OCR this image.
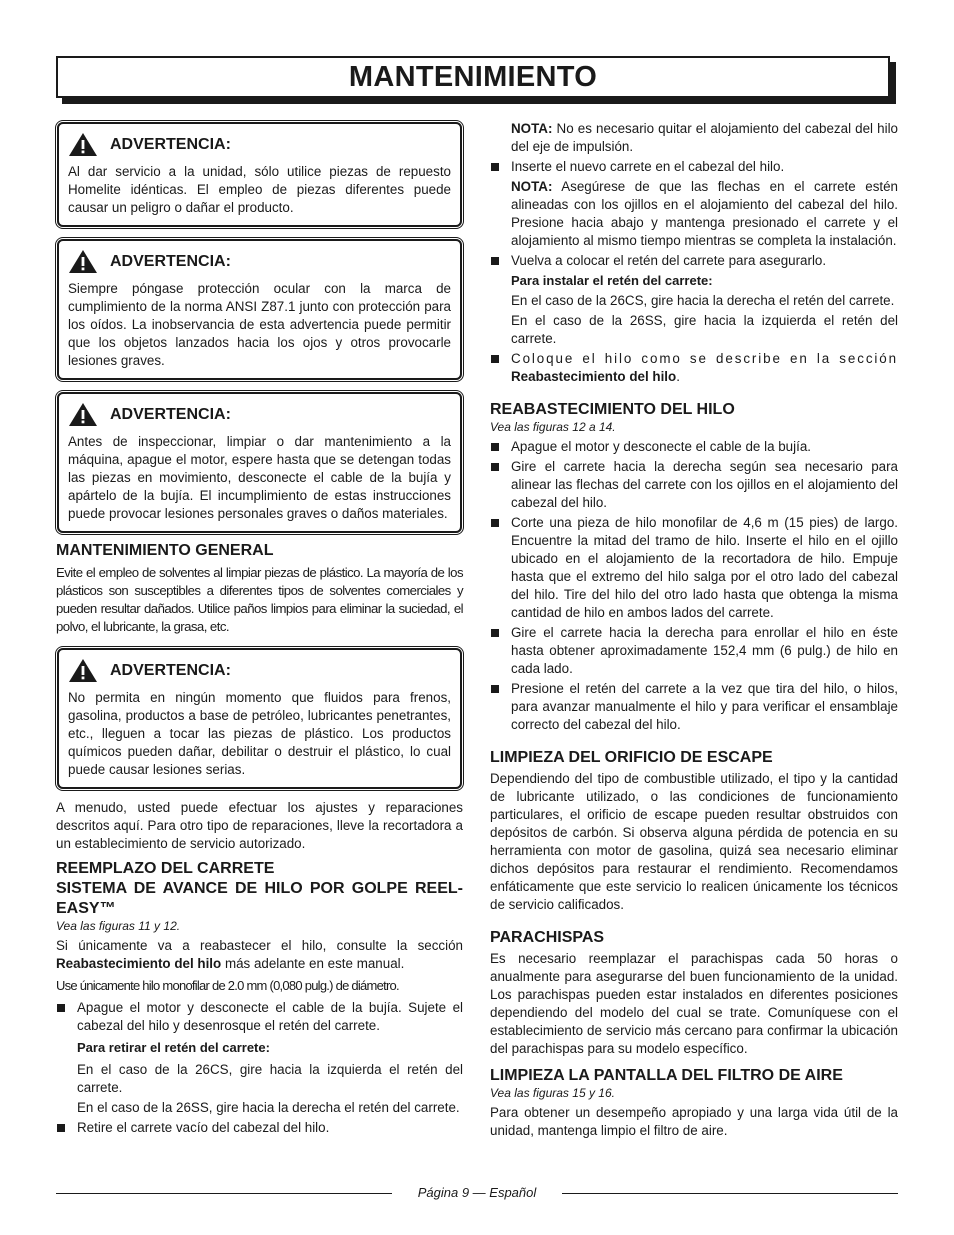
MANTENIMIENTO
ADVERTENCIA:

Al dar servicio a la unidad, sólo utilice piezas de repuesto Homelite idénticas. El empleo de piezas diferentes puede causar un peligro o dañar el producto.

ADVERTENCIA:

Siempre póngase protección ocular con la marca de cumplimiento de la norma ANSI Z87.1 junto con protección para los oídos. La inobservancia de esta advertencia puede permitir que los objetos lanzados hacia los ojos y otros provocarle lesiones graves.

ADVERTENCIA:

Antes de inspeccionar, limpiar o dar mantenimiento a la máquina, apague el motor, espere hasta que se detengan todas las piezas en movimiento, desconecte el cable de la bujía y apártelo de la bujía. El incumplimiento de estas instrucciones puede provocar lesiones personales graves o daños materiales.

MANTENIMIENTO GENERAL

Evite el empleo de solventes al limpiar piezas de plástico. La mayoría de los plásticos son susceptibles a diferentes tipos de solventes comerciales y pueden resultar dañados. Utilice paños limpios para eliminar la suciedad, el polvo, el lubricante, la grasa, etc.

ADVERTENCIA:

No permita en ningún momento que fluidos para frenos, gasolina, productos a base de petróleo, lubricantes penetrantes, etc., lleguen a tocar las piezas de plástico. Los productos químicos pueden dañar, debilitar o destruir el plástico, lo cual puede causar lesiones serias.

A menudo, usted puede efectuar los ajustes y reparaciones descritos aquí. Para otro tipo de reparaciones, lleve la recortadora a un establecimiento de servicio autorizado.

REEMPLAZO DEL CARRETE
SISTEMA DE AVANCE DE HILO POR GOLPE REEL-EASY™
Vea las figuras 11 y 12.

Si únicamente va a reabastecer el hilo, consulte la sección Reabastecimiento del hilo más adelante en este manual.

Use únicamente hilo monofilar de 2.0 mm (0,080 pulg.) de diámetro.

Apague el motor y desconecte el cable de la bujía. Sujete el cabezal del hilo y desenrosque el retén del carrete.

Para retirar el retén del carrete:

En el caso de la 26CS, gire hacia la izquierda el retén del carrete.

En el caso de la 26SS, gire hacia la derecha el retén del carrete.

Retire el carrete vacío del cabezal del hilo.

NOTA: No es necesario quitar el alojamiento del cabezal del hilo del eje de impulsión.

Inserte el nuevo carrete en el cabezal del hilo.

NOTA: Asegúrese de que las flechas en el carrete estén alineadas con los ojillos en el alojamiento del cabezal del hilo. Presione hacia abajo y mantenga presionado el carrete y el alojamiento al mismo tiempo mientras se completa la instalación.

Vuelva a colocar el retén del carrete para asegurarlo.

Para instalar el retén del carrete:

En el caso de la 26CS, gire hacia la derecha el retén del carrete.

En el caso de la 26SS, gire hacia la izquierda el retén del carrete.

Coloque el hilo como se describe en la sección Reabastecimiento del hilo.

REABASTECIMIENTO DEL HILO
Vea las figuras 12 a 14.

Apague el motor y desconecte el cable de la bujía.

Gire el carrete hacia la derecha según sea necesario para alinear las flechas del carrete con los ojillos en el alojamiento del cabezal del hilo.

Corte una pieza de hilo monofilar de 4,6 m (15 pies) de largo. Encuentre la mitad del tramo de hilo. Inserte el hilo en el ojillo ubicado en el alojamiento de la recortadora de hilo. Empuje hasta que el extremo del hilo salga por el otro lado del cabezal del hilo. Tire del hilo del otro lado hasta que obtenga la misma cantidad de hilo en ambos lados del carrete.

Gire el carrete hacia la derecha para enrollar el hilo en éste hasta obtener aproximadamente 152,4 mm (6 pulg.) de hilo en cada lado.

Presione el retén del carrete a la vez que tira del hilo, o hilos, para avanzar manualmente el hilo y para verificar el ensamblaje correcto del cabezal del hilo.

LIMPIEZA DEL ORIFICIO DE ESCAPE

Dependiendo del tipo de combustible utilizado, el tipo y la cantidad de lubricante utilizado, o las condiciones de funcionamiento particulares, el orificio de escape pueden resultar obstruidos con depósitos de carbón. Si observa alguna pérdida de potencia en su herramienta con motor de gasolina, quizá sea necesario eliminar dichos depósitos para restaurar el rendimiento. Recomendamos enfáticamente que este servicio lo realicen únicamente los técnicos de servicio calificados.

PARACHISPAS

Es necesario reemplazar el parachispas cada 50 horas o anualmente para asegurarse del buen funcionamiento de la unidad. Los parachispas pueden estar instalados en diferentes posiciones dependiendo del modelo del cual se trate. Comuníquese con el establecimiento de servicio más cercano para confirmar la ubicación del parachispas para su modelo específico.

LIMPIEZA LA PANTALLA DEL FILTRO DE AIRE
Vea las figuras 15 y 16.

Para obtener un desempeño apropiado y una larga vida útil de la unidad, mantenga limpio el filtro de aire.

Página 9 — Español
